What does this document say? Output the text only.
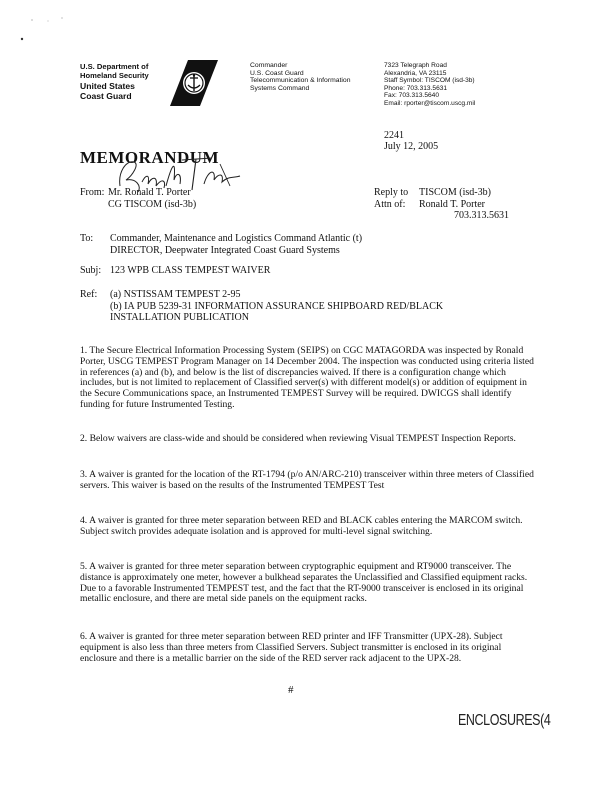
U.S. Department of
Homeland Security
United States
Coast Guard
Commander
U.S. Coast Guard
Telecommunication & Information
Systems Command
7323 Telegraph Road
Alexandria, VA 23115
Staff Symbol: TISCOM (isd-3b)
Phone: 703.313.5631
Fax: 703.313.5640
Email: rporter@tiscom.uscg.mil
2241
July 12, 2005
MEMORANDUM
From: Mr. Ronald T. Porter
CG TISCOM (isd-3b)
Reply to TISCOM (isd-3b)
Attn of: Ronald T. Porter
703.313.5631
To: Commander, Maintenance and Logistics Command Atlantic (t)
DIRECTOR, Deepwater Integrated Coast Guard Systems
Subj: 123 WPB CLASS TEMPEST WAIVER
Ref: (a) NSTISSAM TEMPEST 2-95
(b) IA PUB 5239-31 INFORMATION ASSURANCE SHIPBOARD RED/BLACK
INSTALLATION PUBLICATION
1. The Secure Electrical Information Processing System (SEIPS) on CGC MATAGORDA was inspected by Ronald Porter, USCG TEMPEST Program Manager on 14 December 2004. The inspection was conducted using criteria listed in references (a) and (b), and below is the list of discrepancies waived. If there is a configuration change which includes, but is not limited to replacement of Classified server(s) with different model(s) or addition of equipment in the Secure Communications space, an Instrumented TEMPEST Survey will be required. DWICGS shall identify funding for future Instrumented Testing.
2. Below waivers are class-wide and should be considered when reviewing Visual TEMPEST Inspection Reports.
3. A waiver is granted for the location of the RT-1794 (p/o AN/ARC-210) transceiver within three meters of Classified servers. This waiver is based on the results of the Instrumented TEMPEST Test
4. A waiver is granted for three meter separation between RED and BLACK cables entering the MARCOM switch. Subject switch provides adequate isolation and is approved for multi-level signal switching.
5. A waiver is granted for three meter separation between cryptographic equipment and RT9000 transceiver. The distance is approximately one meter, however a bulkhead separates the Unclassified and Classified equipment racks. Due to a favorable Instrumented TEMPEST test, and the fact that the RT-9000 transceiver is enclosed in its original metallic enclosure, and there are metal side panels on the equipment racks.
6. A waiver is granted for three meter separation between RED printer and IFF Transmitter (UPX-28). Subject equipment is also less than three meters from Classified Servers. Subject transmitter is enclosed in its original enclosure and there is a metallic barrier on the side of the RED server rack adjacent to the UPX-28.
#
ENCLOSURES(4
